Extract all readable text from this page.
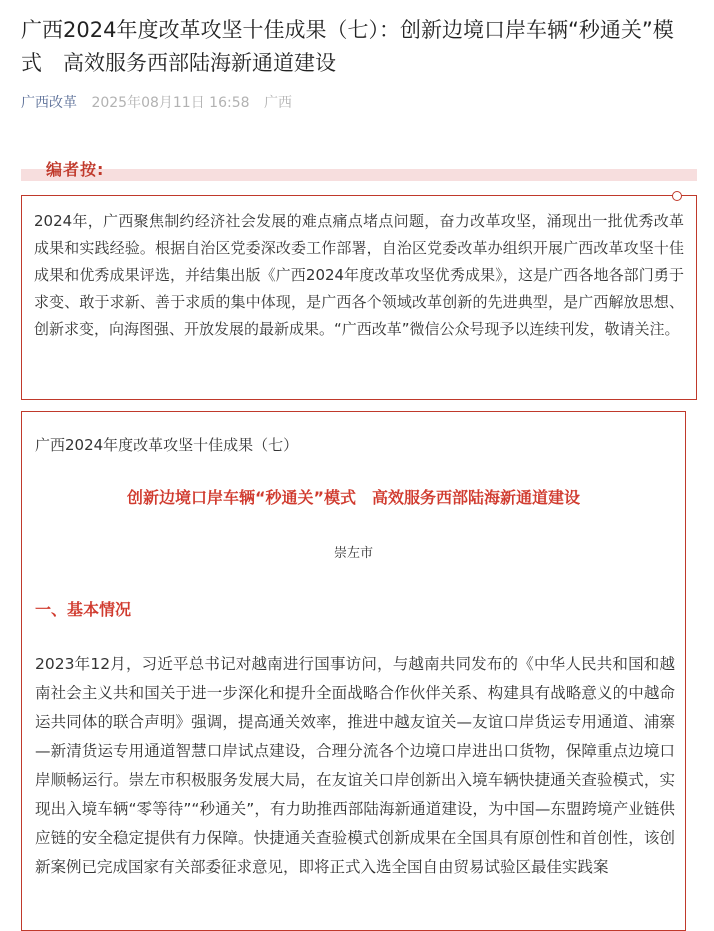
广西2024年度改革攻坚十佳成果（七）：创新边境口岸车辆“秒通关”模式　高效服务西部陆海新通道建设
广西改革 2025年08月11日 16:58 广西
编者按:

2024年，广西聚焦制约经济社会发展的难点痛点堵点问题，奋力改革攻坚，涌现出一批优秀改革成果和实践经验。根据自治区党委深改委工作部署，自治区党委改革办组织开展广西改革攻坚十佳成果和优秀成果评选，并结集出版《广西2024年度改革攻坚优秀成果》，这是广西各地各部门勇于求变、敢于求新、善于求质的集中体现，是广西各个领域改革创新的先进典型，是广西解放思想、创新求变，向海图强、开放发展的最新成果。“广西改革”微信公众号现予以连续刊发，敬请关注。

广西2024年度改革攻坚十佳成果（七）
创新边境口岸车辆“秒通关”模式　高效服务西部陆海新通道建设
崇左市
一、基本情况

2023年12月，习近平总书记对越南进行国事访问，与越南共同发布的《中华人民共和国和越南社会主义共和国关于进一步深化和提升全面战略合作伙伴关系、构建具有战略意义的中越命运共同体的联合声明》强调，提高通关效率，推进中越友谊关—友谊口岸货运专用通道、浦寨—新清货运专用通道智慧口岸试点建设，合理分流各个边境口岸进出口货物，保障重点边境口岸顺畅运行。崇左市积极服务发展大局，在友谊关口岸创新出入境车辆快捷通关查验模式，实现出入境车辆“零等待”“秒通关”，有力助推西部陆海新通道建设，为中国—东盟跨境产业链供应链的安全稳定提供有力保障。快捷通关查验模式创新成果在全国具有原创性和首创性，该创新案例已完成国家有关部委征求意见，即将正式入选全国自由贸易试验区最佳实践案
